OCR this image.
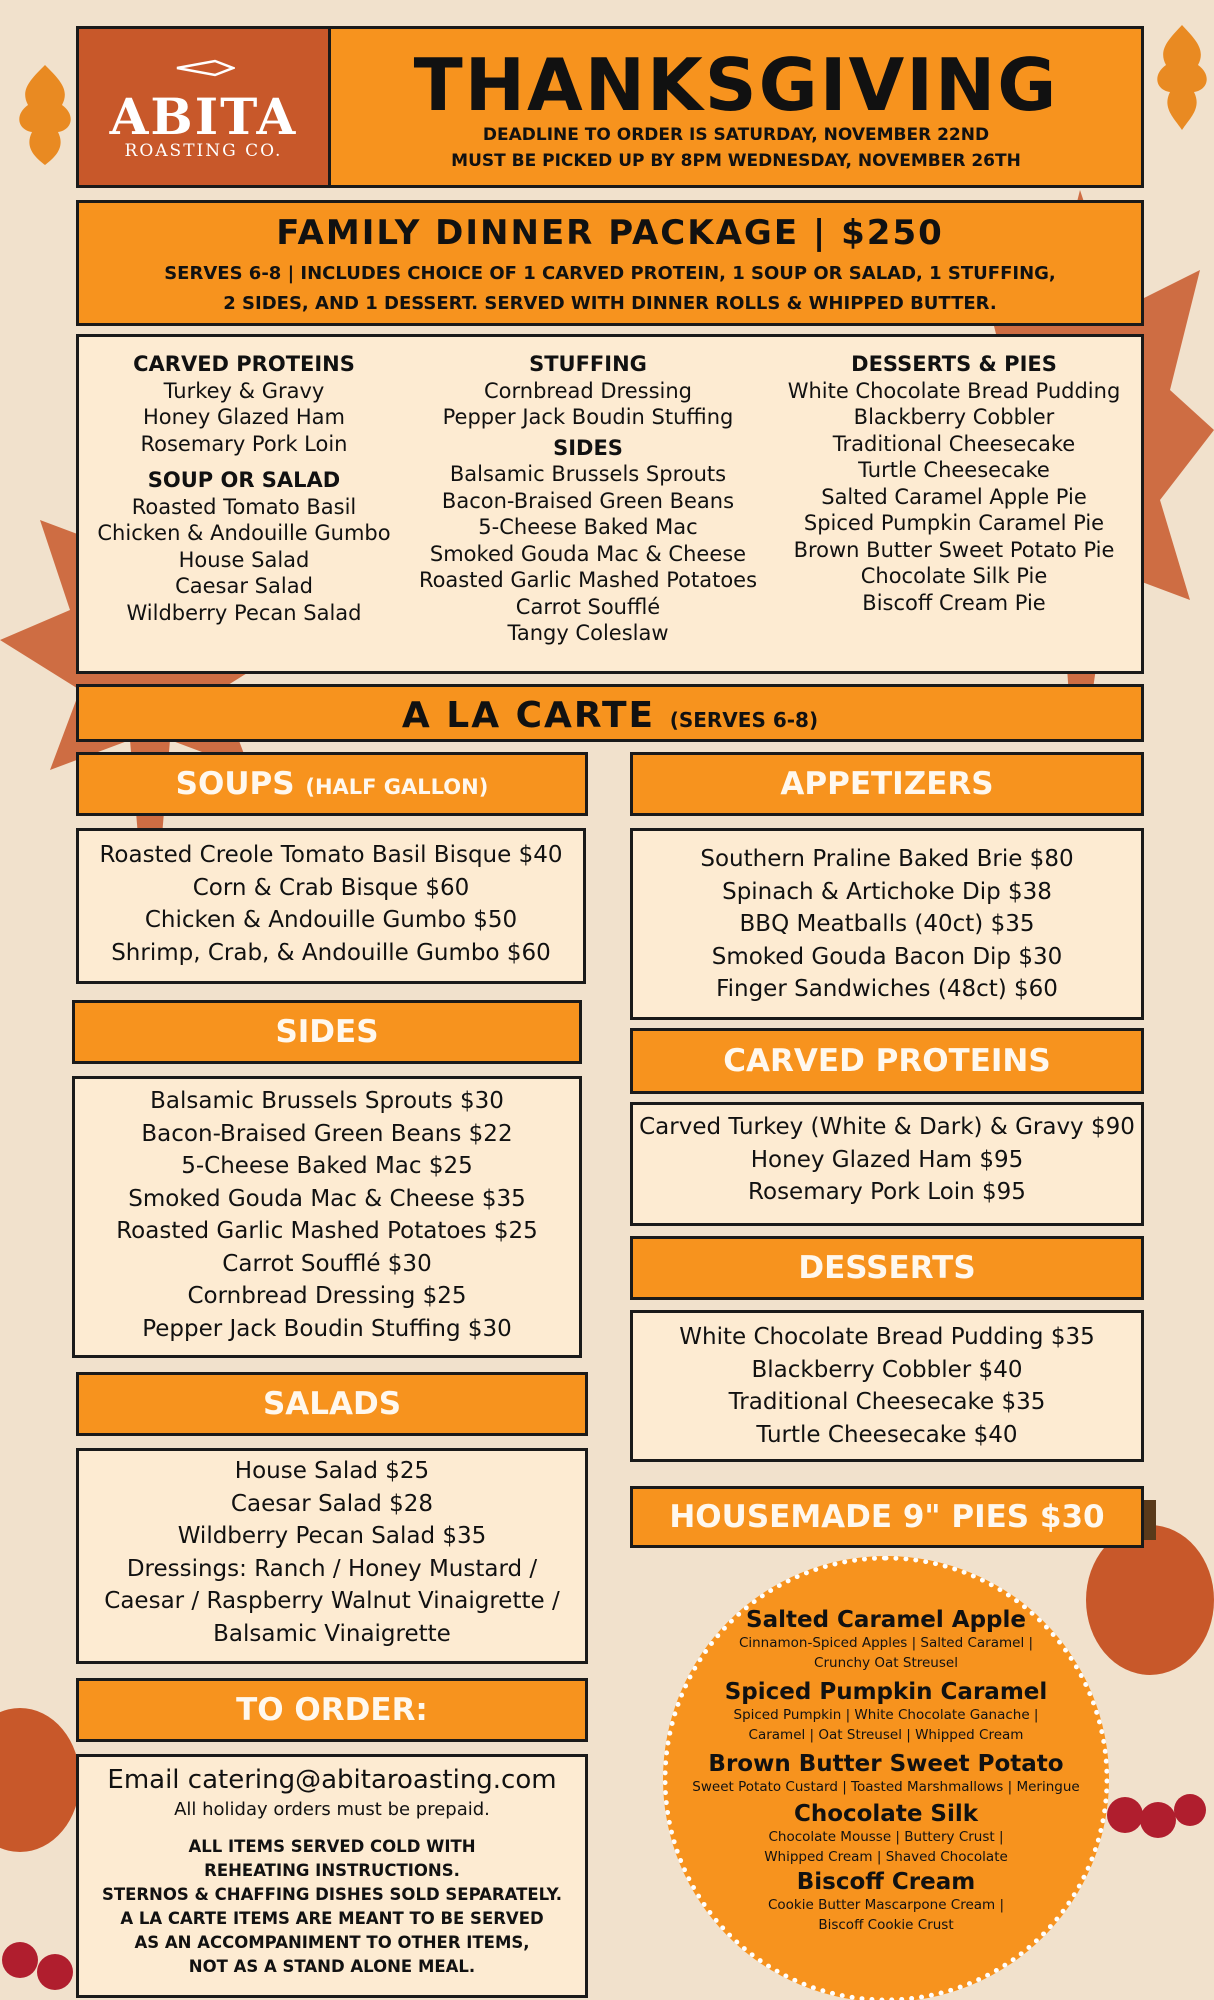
ABITA
ROASTING CO.
THANKSGIVING
DEADLINE TO ORDER IS SATURDAY, NOVEMBER 22ND
MUST BE PICKED UP BY 8PM WEDNESDAY, NOVEMBER 26TH
FAMILY DINNER PACKAGE | $250
SERVES 6-8 | INCLUDES CHOICE OF 1 CARVED PROTEIN, 1 SOUP OR SALAD, 1 STUFFING,
2 SIDES, AND 1 DESSERT. SERVED WITH DINNER ROLLS & WHIPPED BUTTER.
CARVED PROTEINS
Turkey & Gravy
Honey Glazed Ham
Rosemary Pork Loin
SOUP OR SALAD
Roasted Tomato Basil
Chicken & Andouille Gumbo
House Salad
Caesar Salad
Wildberry Pecan Salad
STUFFING
Cornbread Dressing
Pepper Jack Boudin Stuffing
SIDES
Balsamic Brussels Sprouts
Bacon-Braised Green Beans
5-Cheese Baked Mac
Smoked Gouda Mac & Cheese
Roasted Garlic Mashed Potatoes
Carrot Soufflé
Tangy Coleslaw
DESSERTS & PIES
White Chocolate Bread Pudding
Blackberry Cobbler
Traditional Cheesecake
Turtle Cheesecake
Salted Caramel Apple Pie
Spiced Pumpkin Caramel Pie
Brown Butter Sweet Potato Pie
Chocolate Silk Pie
Biscoff Cream Pie
A LA CARTE (SERVES 6-8)
SOUPS (HALF GALLON)
Roasted Creole Tomato Basil Bisque $40
Corn & Crab Bisque $60
Chicken & Andouille Gumbo $50
Shrimp, Crab, & Andouille Gumbo $60
SIDES
Balsamic Brussels Sprouts $30
Bacon-Braised Green Beans $22
5-Cheese Baked Mac $25
Smoked Gouda Mac & Cheese $35
Roasted Garlic Mashed Potatoes $25
Carrot Soufflé $30
Cornbread Dressing $25
Pepper Jack Boudin Stuffing $30
SALADS
House Salad $25
Caesar Salad $28
Wildberry Pecan Salad $35
Dressings: Ranch / Honey Mustard /
Caesar / Raspberry Walnut Vinaigrette /
Balsamic Vinaigrette
TO ORDER:
Email catering@abitaroasting.com
All holiday orders must be prepaid.
ALL ITEMS SERVED COLD WITH
REHEATING INSTRUCTIONS.
STERNOS & CHAFFING DISHES SOLD SEPARATELY.
A LA CARTE ITEMS ARE MEANT TO BE SERVED
AS AN ACCOMPANIMENT TO OTHER ITEMS,
NOT AS A STAND ALONE MEAL.
APPETIZERS
Southern Praline Baked Brie $80
Spinach & Artichoke Dip $38
BBQ Meatballs (40ct) $35
Smoked Gouda Bacon Dip $30
Finger Sandwiches (48ct) $60
CARVED PROTEINS
Carved Turkey (White & Dark) & Gravy $90
Honey Glazed Ham $95
Rosemary Pork Loin $95
DESSERTS
White Chocolate Bread Pudding $35
Blackberry Cobbler $40
Traditional Cheesecake $35
Turtle Cheesecake $40
HOUSEMADE 9" PIES $30
Salted Caramel Apple
Cinnamon-Spiced Apples | Salted Caramel |
Crunchy Oat Streusel
Spiced Pumpkin Caramel
Spiced Pumpkin | White Chocolate Ganache |
Caramel | Oat Streusel | Whipped Cream
Brown Butter Sweet Potato
Sweet Potato Custard | Toasted Marshmallows | Meringue
Chocolate Silk
Chocolate Mousse | Buttery Crust |
Whipped Cream | Shaved Chocolate
Biscoff Cream
Cookie Butter Mascarpone Cream |
Biscoff Cookie Crust
